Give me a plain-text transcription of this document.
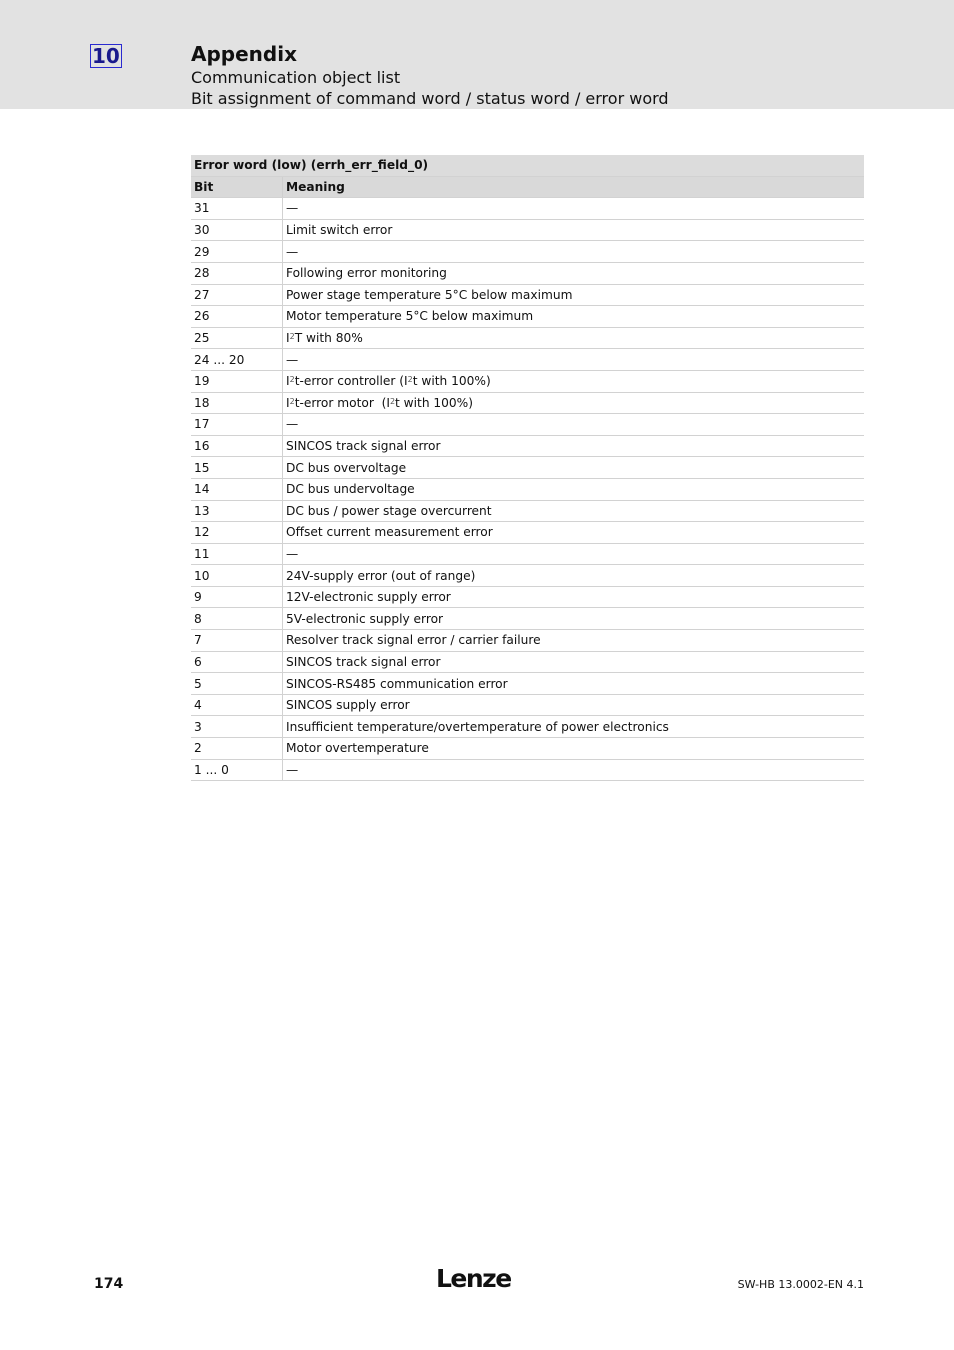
10	Appendix
Communication object list
Bit assignment of command word / status word / error word
Error word (low) (errh_err_field_0)	
Bit	Meaning
31	—
30	Limit switch error
29	—
28	Following error monitoring
27	Power stage temperature 5°C below maximum
26	Motor temperature 5°C below maximum
25	$I^2T$ with 80%
24 ... 20	—
19	$I^2t$-error controller ($I^2t$ with 100%)
18	$I^2t$-error motor  ($I^2t$ with 100%)
17	—
16	SINCOS track signal error
15	DC bus overvoltage
14	DC bus undervoltage
13	DC bus / power stage overcurrent
12	Offset current measurement error
11	—
10	24V-supply error (out of range)
9	12V-electronic supply error
8	5V-electronic supply error
7	Resolver track signal error / carrier failure
6	SINCOS track signal error
5	SINCOS-RS485 communication error
4	SINCOS supply error
3	Insufficient temperature/overtemperature of power electronics
2	Motor overtemperature
1 ... 0	—
174	Lenze	SW-HB 13.0002-EN 4.1
